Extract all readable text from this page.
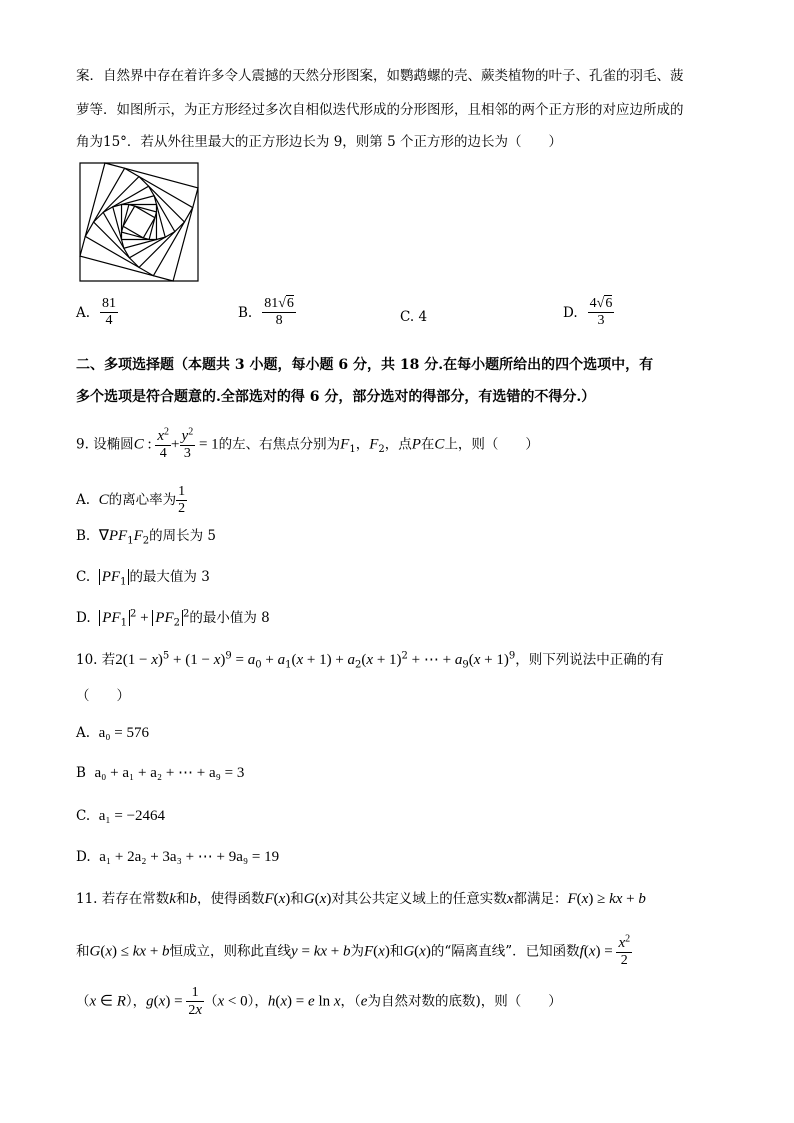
案．自然界中存在着许多令人震撼的天然分形图案，如鹦鹉螺的壳、蕨类植物的叶子、孔雀的羽毛、菠
萝等．如图所示，为正方形经过多次自相似迭代形成的分形图形，且相邻的两个正方形的对应边所成的
角为15°．若从外往里最大的正方形边长为 9，则第 5 个正方形的边长为（　　）
A. $\frac{81}{4}$	B. $\frac{81√6}{8}$	C. 4	D. $\frac{4√6}{3}$
二、多项选择题（本题共 3 小题，每小题 6 分，共 18 分.在每小题所给出的四个选项中，有
多个选项是符合题意的.全部选对的得 6 分，部分选对的得部分，有选错的不得分.）
9. 设椭圆C : $\frac{x^2}{4} + \frac{y^2}{3} = 1$的左、右焦点分别为$F_1$，$F_2$，点P在C上，则（　　）
A. C的离心率为 $\frac{1}{2}$
B. $\nabla PF_1F_2$的周长为 5
C. $PF_1$ 的最大值为 3
D. $PF_1^2 + PF_2^2$的最小值为 8
10. 若$2(1 - x)^5 + (1 - x)^9 = a_0 + a_1(x + 1) + a_2(x + 1)^2$ + ⋯ + $a_9(x + 1)^9$，则下列说法中正确的有
（　　）
A. a₀ = 576
B a₀ + a₁ + a₂ + ⋯ + a₉ = 3
C. a₁ = −2464
D. a₁ + 2a₂ + 3a₃ + ⋯ + 9a₉ = 19
11. 若存在常数k和b，使得函数F(x)和G(x)对其公共定义域上的任意实数x都满足：F(x) ≥ kx + b
和G(x) ≤ kx + b恒成立，则称此直线y = kx + b为F(x)和G(x)的“隔离直线”．已知函数$f(x) = \frac{x^2}{2}$
（x ∈ R），$g(x) = \frac{1}{2x} (x < 0)$，h(x) = e ln x，（e为自然对数的底数)，则（　　）
